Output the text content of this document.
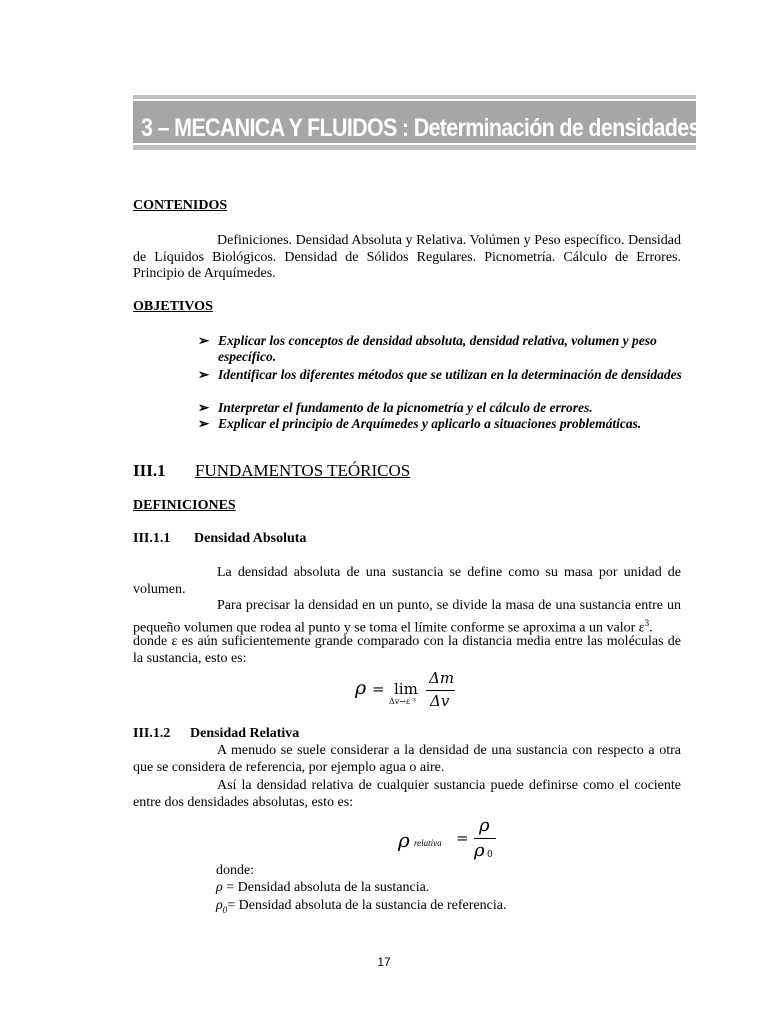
3 – MECANICA Y FLUIDOS : Determinación de densidades
CONTENIDOS
Definiciones. Densidad Absoluta y Relativa. Volúmen y Peso específico. Densidad de Líquidos Biológicos. Densidad de Sólidos Regulares. Picnometría. Cálculo de Errores. Principio de Arquímedes.
OBJETIVOS
➢ Explicar los conceptos de densidad absoluta, densidad relativa, volumen y peso específico.
➢ Identificar los diferentes métodos que se utilizan en la determinación de densidades
➢ Interpretar el fundamento de la picnometría y el cálculo de errores.
➢ Explicar el principio de Arquímedes y aplicarlo a situaciones problemáticas.
III.1 FUNDAMENTOS TEÓRICOS
DEFINICIONES
III.1.1 Densidad Absoluta
La densidad absoluta de una sustancia se define como su masa por unidad de volumen.
Para precisar la densidad en un punto, se divide la masa de una sustancia entre un pequeño volumen que rodea al punto y se toma el límite conforme se aproxima a un valor $\varepsilon^3$.
donde ε es aún suficientemente grande comparado con la distancia media entre las moléculas de la sustancia, esto es:
ρ = lim
Δv→ε ³
Δm
Δv
III.1.2 Densidad Relativa
A menudo se suele considerar a la densidad de una sustancia con respecto a otra que se considera de referencia, por ejemplo agua o aire.
Así la densidad relativa de cualquier sustancia puede definirse como el cociente entre dos densidades absolutas, esto es:
ρ relativa =
ρ
ρ 0
donde:
ρ = Densidad absoluta de la sustancia.
$\rho_0=$ Densidad absoluta de la sustancia de referencia.
17
